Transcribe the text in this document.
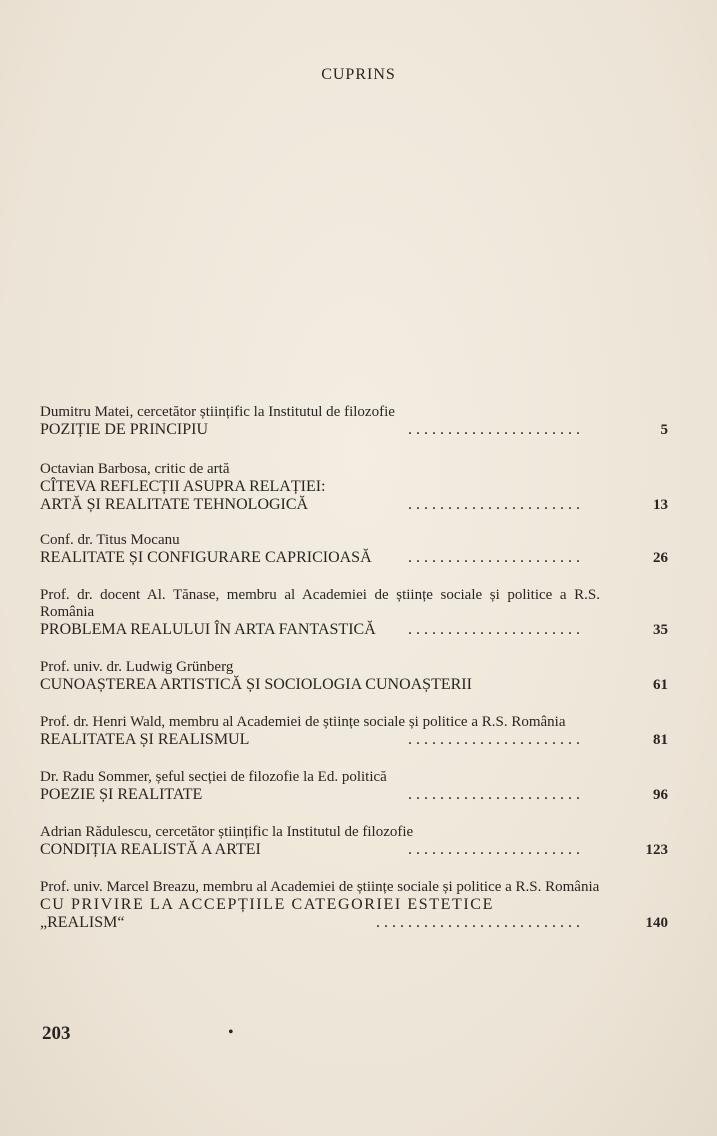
CUPRINS
Dumitru Matei, cercetător științific la Institutul de filozofie
POZIȚIE DE PRINCIPIU	. . . . . . . . . . . . . . . . . . . . . .	5
Octavian Barbosa, critic de artă
CÎTEVA REFLECȚII ASUPRA RELAȚIEI:
ARTĂ ȘI REALITATE TEHNOLOGICĂ	. . . . . . . . . . . . . . . . . . . . . .	13
Conf. dr. Titus Mocanu
REALITATE ȘI CONFIGURARE CAPRICIOASĂ	. . . . . . . . . . . . . . . . . . . . . .	26
Prof. dr. docent Al. Tănase, membru al Academiei de științe sociale și politice a R.S. România
PROBLEMA REALULUI ÎN ARTA FANTASTICĂ	. . . . . . . . . . . . . . . . . . . . . .	35
Prof. univ. dr. Ludwig Grünberg
CUNOAȘTEREA ARTISTICĂ ȘI SOCIOLOGIA CUNOAȘTERII	61
Prof. dr. Henri Wald, membru al Academiei de științe sociale și politice a R.S. România
REALITATEA ȘI REALISMUL	. . . . . . . . . . . . . . . . . . . . . .	81
Dr. Radu Sommer, șeful secției de filozofie la Ed. politică
POEZIE ȘI REALITATE	. . . . . . . . . . . . . . . . . . . . . .	96
Adrian Rădulescu, cercetător științific la Institutul de filozofie
CONDIȚIA REALISTĂ A ARTEI	. . . . . . . . . . . . . . . . . . . . . .	123
Prof. univ. Marcel Breazu, membru al Academiei de științe sociale și politice a R.S. România
CU PRIVIRE LA ACCEPȚIILE CATEGORIEI ESTETICE
„REALISM“	. . . . . . . . . . . . . . . . . . . . . . . . . .	140
203	•
